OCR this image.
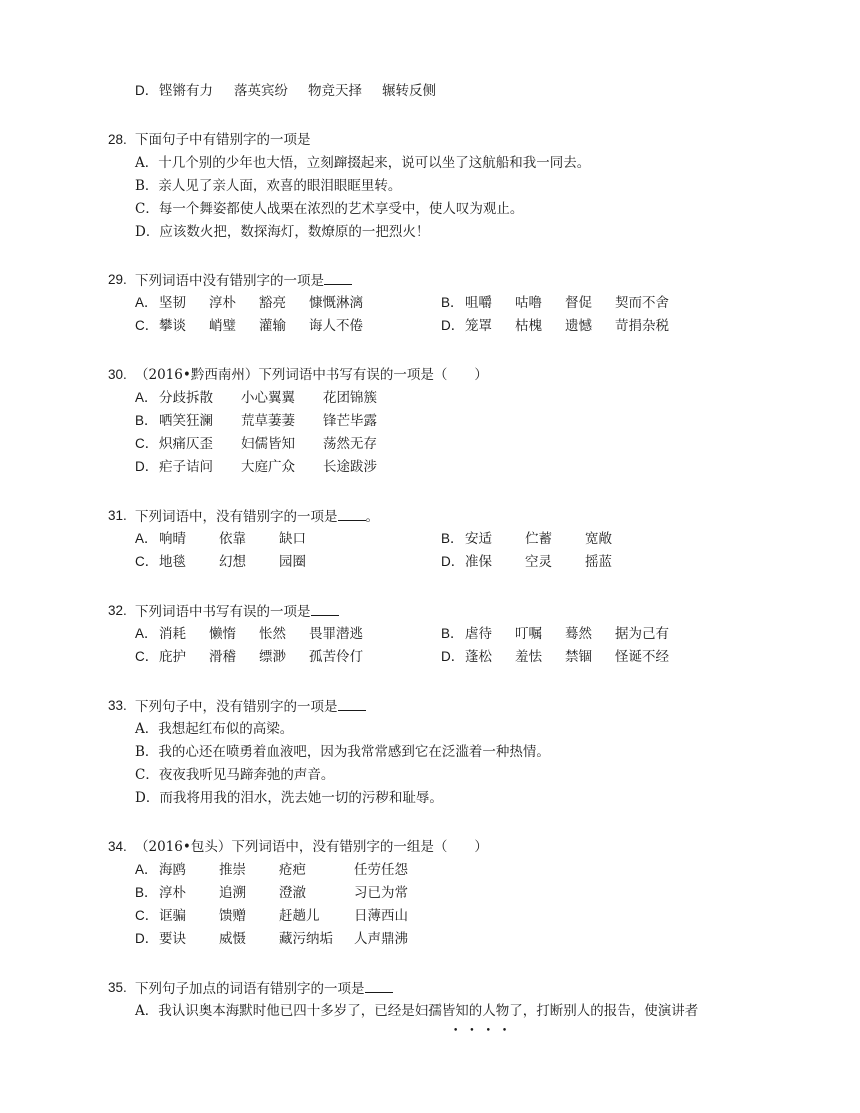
D．铿锵有力 落英宾纷 物竞天择 辗转反侧
28. 下面句子中有错别字的一项是
A．十几个别的少年也大悟，立刻蹿掇起来，说可以坐了这航船和我一同去。
B．亲人见了亲人面，欢喜的眼泪眼眶里转。
C．每一个舞姿都使人战栗在浓烈的艺术享受中，使人叹为观止。
D．应该数火把，数探海灯，数燎原的一把烈火！
29. 下列词语中没有错别字的一项是
A．坚韧 淳朴 豁亮 慷慨淋漓	B．咀嚼 咕噜 督促 契而不舍
C．攀谈 峭璧 灌输 诲人不倦	D．笼罩 枯槐 遗憾 苛捐杂税
30. （2016•黔西南州）下列词语中书写有误的一项是（　　）
A．分歧拆散 小心翼翼 花团锦簇
B．哂笑狂澜 荒草萋萋 锋芒毕露
C．炽痛仄歪 妇儒皆知 荡然无存
D．疟子诘问 大庭广众 长途跋涉
31. 下列词语中，没有错别字的一项是 。
A．响晴 依靠 缺口	B．安适 伫蓄 宽敞
C．地毯 幻想 园圈	D．准保 空灵 摇蓝
32. 下列词语中书写有误的一项是
A．消耗 懒惰 怅然 畏罪潜逃	B．虐待 叮嘱 蓦然 据为己有
C．庇护 滑稽 缥渺 孤苦伶仃	D．蓬松 羞怯 禁锢 怪诞不经
33. 下列句子中，没有错别字的一项是
A．我想起红布似的高梁。
B．我的心还在喷勇着血液吧，因为我常常感到它在泛滥着一种热情。
C．夜夜我听见马蹄奔弛的声音。
D．而我将用我的泪水，洗去她一切的污秽和耻辱。
34. （2016•包头）下列词语中，没有错别字的一组是（　　）
A．海鸥 推崇 疮疤	任劳任怨
B．淳朴 追溯 澄澈	习已为常
C．诓骗 馈赠 赶趟儿	日薄西山
D．要诀 威慑 藏污纳垢 人声鼎沸
35. 下列句子加点的词语有错别字的一项是
A．我认识奥本海默时他已四十多岁了，已经是妇孺皆知的人物了，打断别人的报告，使演讲者
••••
